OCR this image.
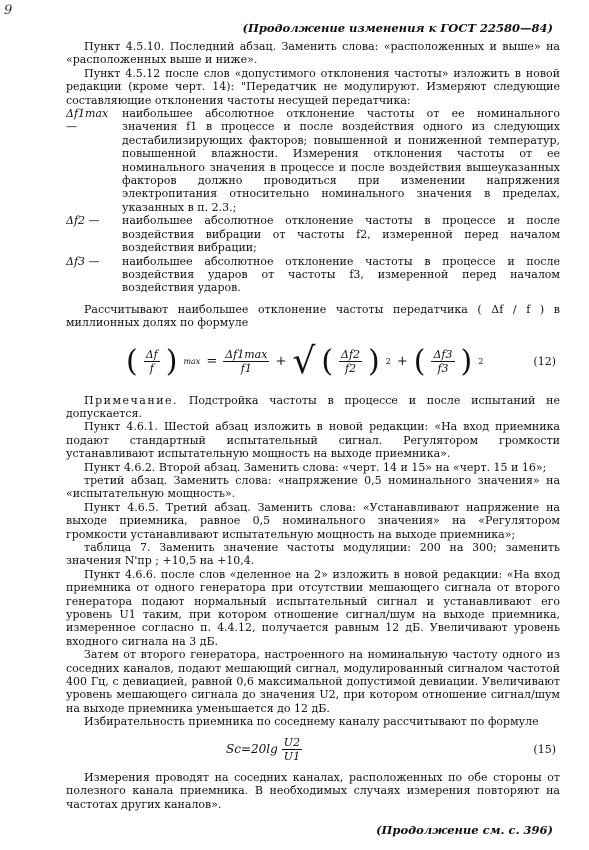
9
(Продолжение изменения к ГОСТ 22580—84)

Пункт 4.5.10. Последний абзац. Заменить слова: «расположенных и выше» на «расположенных выше и ниже».

Пункт 4.5.12 после слов «допустимого отклонения частоты» изложить в новой редакции (кроме черт. 14): "Передатчик не модулируют. Измеряют следующие составляющие отклонения частоты несущей передатчика:

Δf1max —
наибольшее абсолютное отклонение частоты от ее номинального значения f1 в процессе и после воздействия одного из следующих дестабилизирующих факторов; повышенной и пониженной температур, повышенной влажности. Измерения отклонения частоты от ее номинального значения в процессе и после воздействия вышеуказанных факторов должно проводиться при изменении напряжения электропитания относительно номинального значения в пределах, указанных в п. 2.3.;
Δf2 —	наибольшее абсолютное отклонение частоты в процессе и после воздействия вибрации от частоты f2, измеренной перед началом воздействия вибрации;
Δf3 —	наибольшее абсолютное отклонение частоты в процессе и после воздействия ударов от частоты f3, измеренной перед началом воздействия ударов.

Рассчитывают наибольшее отклонение частоты передатчика ( Δf / f ) в миллионных долях по формуле

( $\frac{\Delta f}{f}$ ) $\max = \frac{\Delta f1\max}{f1}$ + √ ( $\frac{\Delta f2}{f2}$ ) 2 + ( $\frac{\Delta f3}{f3}$ ) 2	(12)

Примечание. Подстройка частоты в процессе и после испытаний не допускается.

Пункт 4.6.1. Шестой абзац изложить в новой редакции: «На вход приемника подают стандартный испытательный сигнал. Регулятором громкости устанавливают испытательную мощность на выходе приемника».

Пункт 4.6.2. Второй абзац. Заменить слова: «черт. 14 и 15» на «черт. 15 и 16»;

третий абзац. Заменить слова: «напряжение 0,5 номинального значения» на «испытательную мощность».

Пункт 4.6.5. Третий абзац. Заменить слова: «Устанавливают напряжение на выходе приемника, равное 0,5 номинального значения» на «Регулятором громкости устанавливают испытательную мощность на выходе приемника»;

таблица 7. Заменить значение частоты модуляции: 200 на 300; заменить значения N'пр ; +10,5 на +10,4.

Пункт 4.6.6. после слов «деленное на 2» изложить в новой редакции: «На вход приемника от одного генератора при отсутствии мешающего сигнала от второго генератора подают нормальный испытательный сигнал и устанавливают его уровень U1 таким, при котором отношение сигнал/шум на выходе приемника, измеренное согласно п. 4.4.12, получается равным 12 дБ. Увеличивают уровень входного сигнала на 3 дБ.

Затем от второго генератора, настроенного на номинальную частоту одного из соседних каналов, подают мешающий сигнал, модулированный сигналом частотой 400 Гц, с девиацией, равной 0,6 максимальной допустимой девиации. Увеличивают уровень мешающего сигнала до значения U2, при котором отношение сигнал/шум на выходе приемника уменьшается до 12 дБ.

Избирательность приемника по соседнему каналу рассчитывают по формуле

$Sc=20\lg \frac{U2}{U1}$	(15)

Измерения проводят на соседних каналах, расположенных по обе стороны от полезного канала приемника. В необходимых случаях измерения повторяют на частотах других каналов».

(Продолжение см. с. 396)
